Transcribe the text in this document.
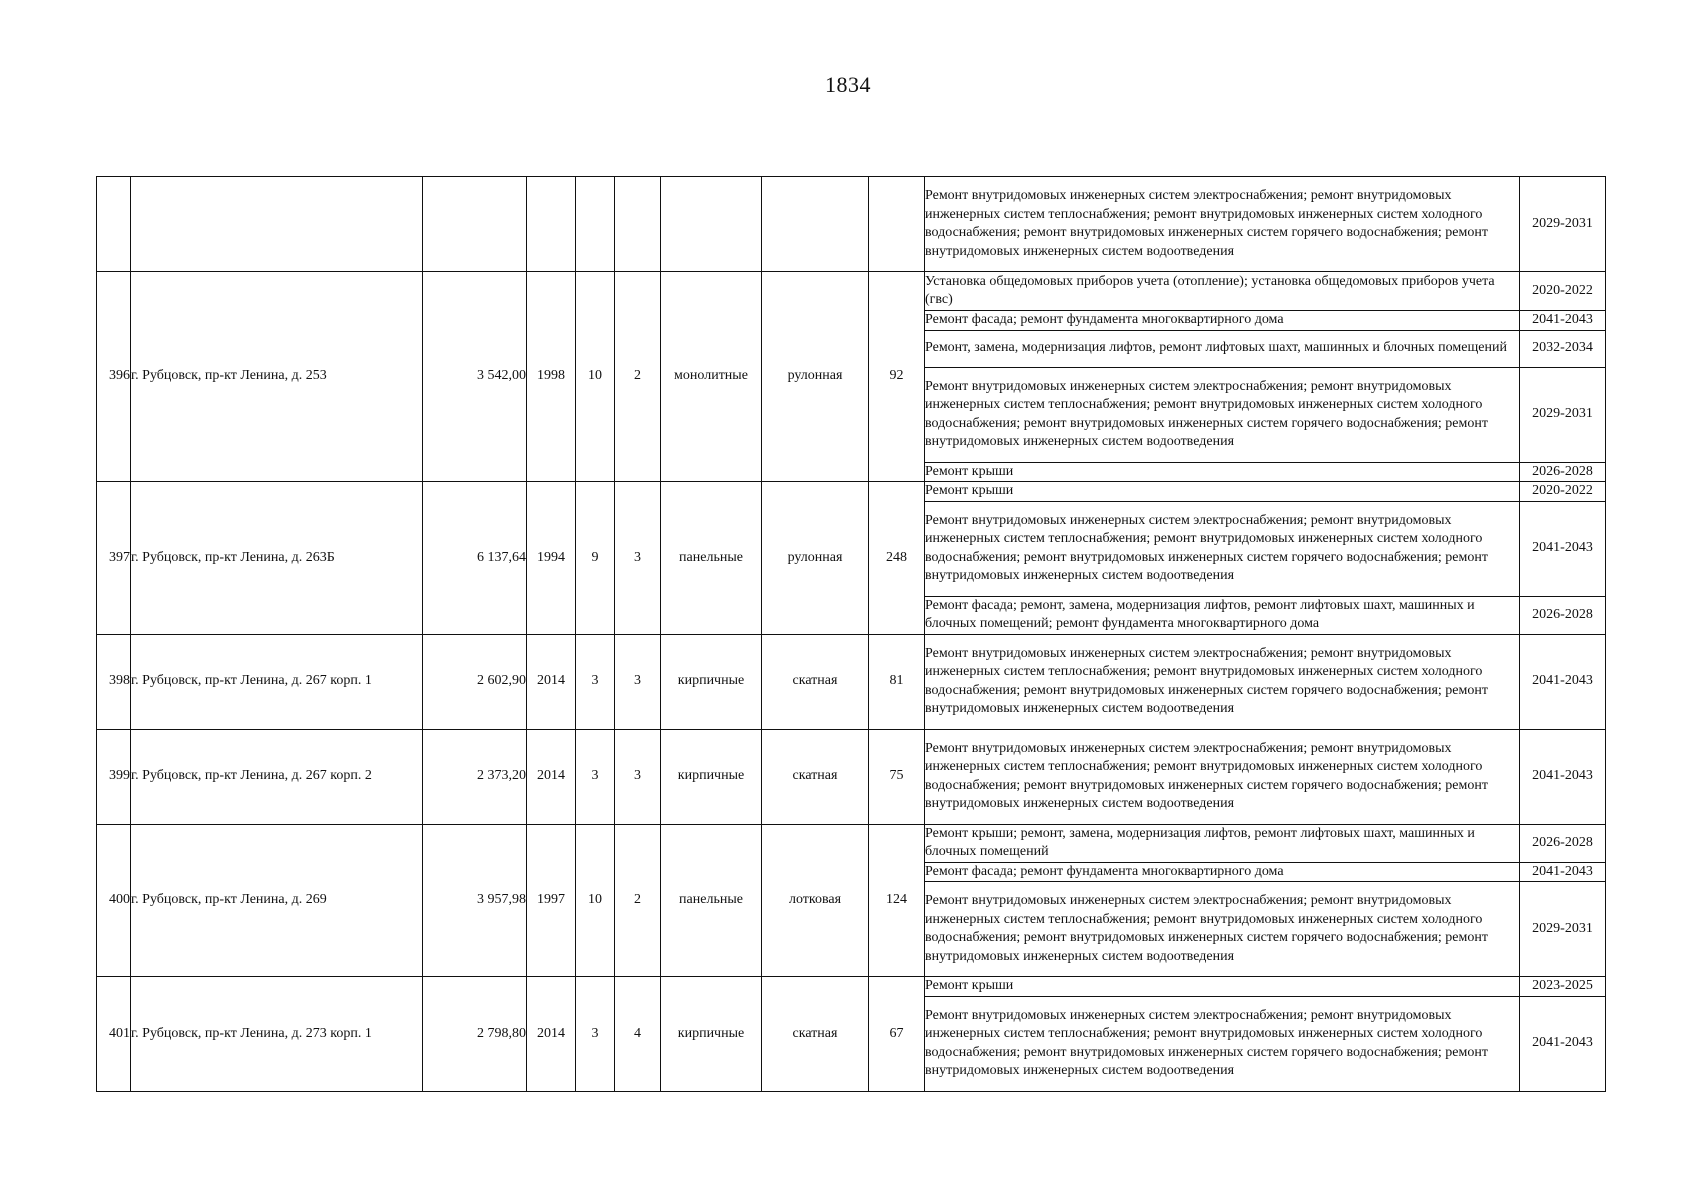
1834
									Ремонт внутридомовых инженерных систем электроснабжения; ремонт внутридомовых инженерных систем теплоснабжения; ремонт внутридомовых инженерных систем холодного водоснабжения; ремонт внутридомовых инженерных систем горячего водоснабжения; ремонт внутридомовых инженерных систем водоотведения	2029-2031
396	г. Рубцовск, пр-кт Ленина, д. 253	3 542,00	1998	10	2	монолитные	рулонная	92	Установка общедомовых приборов учета (отопление); установка общедомовых приборов учета (гвс)	2020-2022
									Ремонт фасада; ремонт фундамента многоквартирного дома	2041-2043
									Ремонт, замена, модернизация лифтов, ремонт лифтовых шахт, машинных и блочных помещений	2032-2034
									Ремонт внутридомовых инженерных систем электроснабжения; ремонт внутридомовых инженерных систем теплоснабжения; ремонт внутридомовых инженерных систем холодного водоснабжения; ремонт внутридомовых инженерных систем горячего водоснабжения; ремонт внутридомовых инженерных систем водоотведения	2029-2031
									Ремонт крыши	2026-2028
397	г. Рубцовск, пр-кт Ленина, д. 263Б	6 137,64	1994	9	3	панельные	рулонная	248	Ремонт крыши	2020-2022
									Ремонт внутридомовых инженерных систем электроснабжения; ремонт внутридомовых инженерных систем теплоснабжения; ремонт внутридомовых инженерных систем холодного водоснабжения; ремонт внутридомовых инженерных систем горячего водоснабжения; ремонт внутридомовых инженерных систем водоотведения	2041-2043
									Ремонт фасада; ремонт, замена, модернизация лифтов, ремонт лифтовых шахт, машинных и блочных помещений; ремонт фундамента многоквартирного дома	2026-2028
398	г. Рубцовск, пр-кт Ленина, д. 267 корп. 1	2 602,90	2014	3	3	кирпичные	скатная	81	Ремонт внутридомовых инженерных систем электроснабжения; ремонт внутридомовых инженерных систем теплоснабжения; ремонт внутридомовых инженерных систем холодного водоснабжения; ремонт внутридомовых инженерных систем горячего водоснабжения; ремонт внутридомовых инженерных систем водоотведения	2041-2043
399	г. Рубцовск, пр-кт Ленина, д. 267 корп. 2	2 373,20	2014	3	3	кирпичные	скатная	75	Ремонт внутридомовых инженерных систем электроснабжения; ремонт внутридомовых инженерных систем теплоснабжения; ремонт внутридомовых инженерных систем холодного водоснабжения; ремонт внутридомовых инженерных систем горячего водоснабжения; ремонт внутридомовых инженерных систем водоотведения	2041-2043
400	г. Рубцовск, пр-кт Ленина, д. 269	3 957,98	1997	10	2	панельные	лотковая	124	Ремонт крыши; ремонт, замена, модернизация лифтов, ремонт лифтовых шахт, машинных и блочных помещений	2026-2028
									Ремонт фасада; ремонт фундамента многоквартирного дома	2041-2043
									Ремонт внутридомовых инженерных систем электроснабжения; ремонт внутридомовых инженерных систем теплоснабжения; ремонт внутридомовых инженерных систем холодного водоснабжения; ремонт внутридомовых инженерных систем горячего водоснабжения; ремонт внутридомовых инженерных систем водоотведения	2029-2031
401	г. Рубцовск, пр-кт Ленина, д. 273 корп. 1	2 798,80	2014	3	4	кирпичные	скатная	67	Ремонт крыши	2023-2025
									Ремонт внутридомовых инженерных систем электроснабжения; ремонт внутридомовых инженерных систем теплоснабжения; ремонт внутридомовых инженерных систем холодного водоснабжения; ремонт внутридомовых инженерных систем горячего водоснабжения; ремонт внутридомовых инженерных систем водоотведения	2041-2043
